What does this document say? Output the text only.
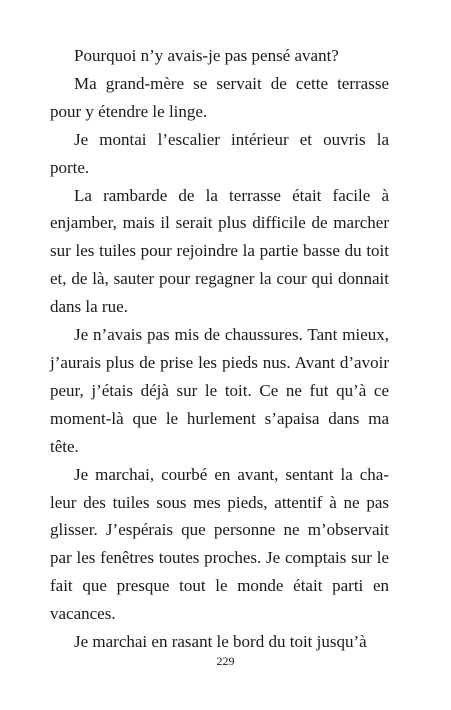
Pourquoi n’y avais-je pas pensé avant?

Ma grand-mère se servait de cette terrasse pour y étendre le linge.

Je montai l’escalier intérieur et ouvris la porte.

La rambarde de la terrasse était facile à enjamber, mais il serait plus difficile de marcher sur les tuiles pour rejoindre la partie basse du toit et, de là, sauter pour regagner la cour qui donnait dans la rue.

Je n’avais pas mis de chaussures. Tant mieux, j’aurais plus de prise les pieds nus. Avant d’avoir peur, j’étais déjà sur le toit. Ce ne fut qu’à ce moment-là que le hurlement s’apaisa dans ma tête.

Je marchai, courbé en avant, sentant la chaleur des tuiles sous mes pieds, attentif à ne pas glisser. J’espérais que personne ne m’observait par les fenêtres toutes proches. Je comptais sur le fait que presque tout le monde était parti en vacances.

Je marchai en rasant le bord du toit jusqu’à

229
